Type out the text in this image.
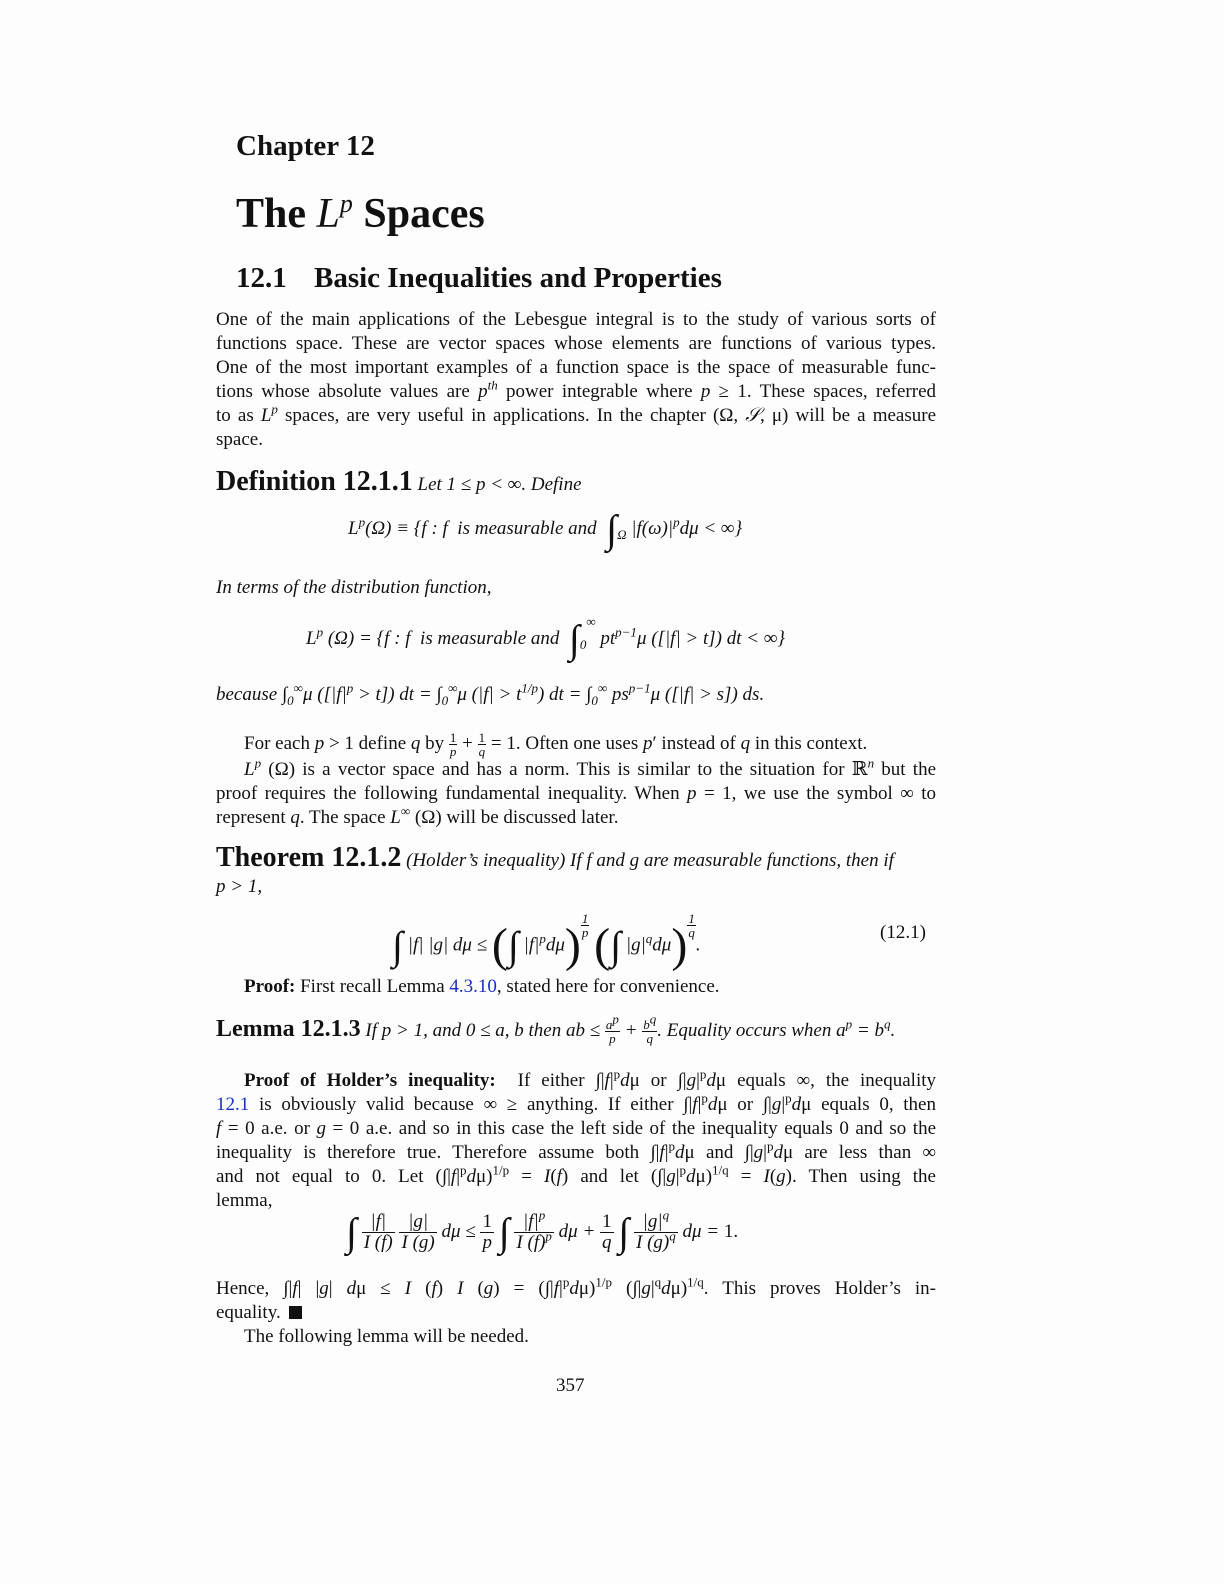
Chapter 12
The $L^p$ Spaces
12.1 Basic Inequalities and Properties
One of the main applications of the Lebesgue integral is to the study of various sorts of
functions space. These are vector spaces whose elements are functions of various types.
One of the most important examples of a function space is the space of measurable func-
tions whose absolute values are $p^{th}$ power integrable where p ≥ 1. These spaces, referred
to as $L^p$ spaces, are very useful in applications. In the chapter (Ω, 𝒮, μ) will be a measure
space.
Definition 12.1.1 Let 1 ≤ p < ∞. Define
$L^p(\Omega) \equiv \{f$ : f is measurable and $\int_\Omega$ $|f(\omega)|^pd\mu$ < ∞}
In terms of the distribution function,
$L^p$ (Ω) = {f : f is measurable and $\int_0^\infty$ $pt^{p-1}\mu$ ([|f| > t]) dt < ∞}
because $\int_0^\infty\mu$ $([|f|^p > t])$ dt = $\int_0^\infty\mu$ $(|f| > t^{1/p})$ dt = $\int_0^\infty$ $ps^{p-1}\mu$ ([|f| > s]) ds.
For each p > 1 define q by $\frac{1}{p} + \frac{1}{q} = 1$. Often one uses p′ instead of q in this context.
$L^p$ (Ω) is a vector space and has a norm. This is similar to the situation for ℝ$^n$ but the
proof requires the following fundamental inequality. When p = 1, we use the symbol ∞ to
represent q. The space L∞ (Ω) will be discussed later.
Theorem 12.1.2 (Holder’s inequality) If f and g are measurable functions, then if
p > 1,
∫ |f| |g| dμ ≤ (∫ $|f|^pd\mu$) $^{\frac{1}{p}}$ (∫ $|g|^qd\mu$) $^{\frac{1}{q}}$
.
(12.1)
Proof: First recall Lemma 4.3.10, stated here for convenience.
Lemma 12.1.3 If p > 1, and 0 ≤ a, b then ab ≤ $\frac{a^p}{p} + \frac{b^q}{q}$ . Equality occurs when $a^p = b^q$.
Proof of Holder’s inequality: If either $\int|f|^pd\mu$ or $\int|g|^pd\mu$ equals ∞, the inequality
12.1 is obviously valid because ∞ ≥ anything. If either $\int|f|^pd\mu$ or $\int|g|^pd\mu$ equals 0, then
f = 0 a.e. or g = 0 a.e. and so in this case the left side of the inequality equals 0 and so the
inequality is therefore true. Therefore assume both $\int|f|^pd\mu$ and $\int|g|^pd\mu$ are less than ∞
and not equal to 0. Let $(\int|f|^pd\mu)^{1/p} = I(f)$ and let $(\int|g|^pd\mu)^{1/q} = I(g)$. Then using the
lemma,
∫ $\frac{|f|}{I (f)}$
$\frac{|g|}{I (g)}$ $d\mu \le \frac{1}{p}$ ∫ $\frac{|f|^p}{I (f)^p}$ $d\mu + \frac{1}{q}$ ∫ $\frac{|g|^q}{I (g)^q}$ dμ = 1.
Hence, ∫|f| |g| dμ ≤ I (f) I $(g) = (\int|f|^pd\mu)^{1/p}$ $(\int|g|^qd\mu)^{1/q}$. This proves Holder’s in-
equality.
The following lemma will be needed.
357
